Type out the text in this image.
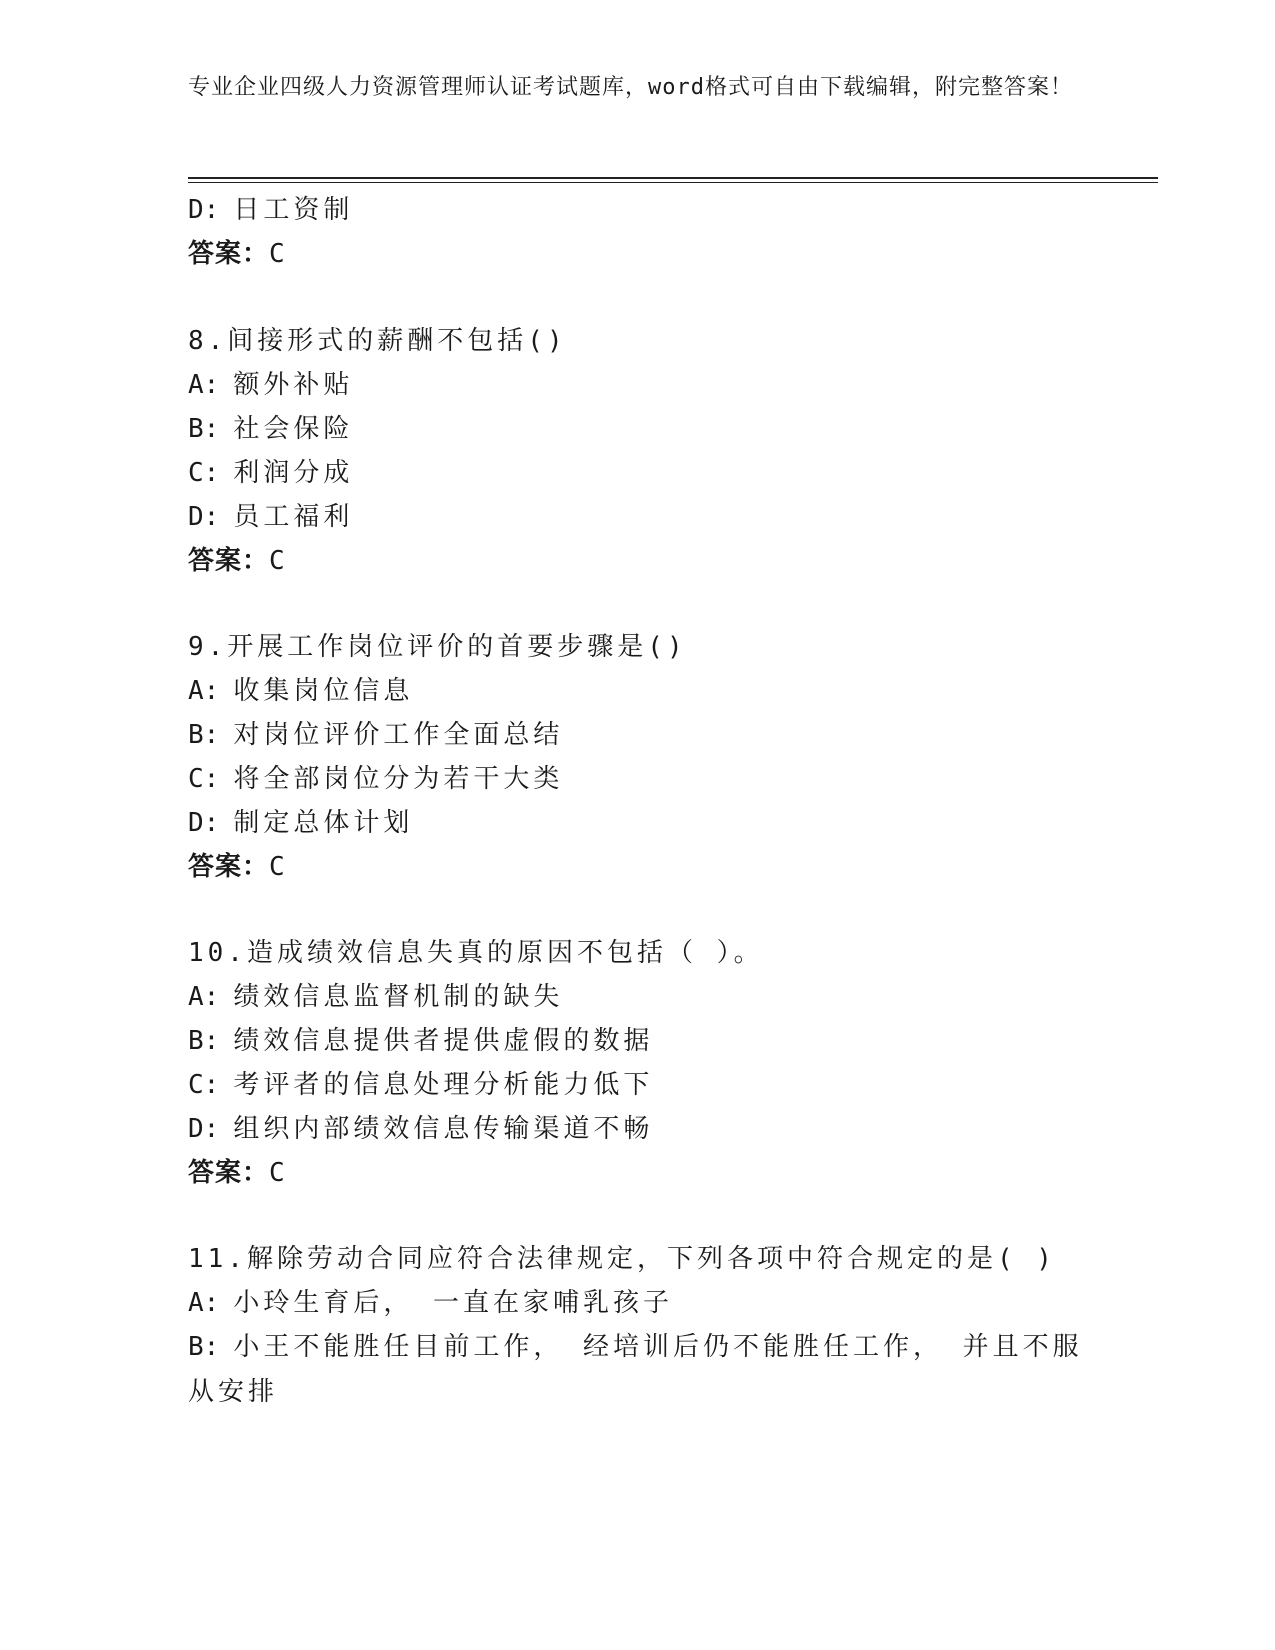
专业企业四级人力资源管理师认证考试题库，word格式可自由下载编辑，附完整答案！
D: 日工资制
答案：C
8.间接形式的薪酬不包括()
A: 额外补贴
B: 社会保险
C: 利润分成
D: 员工福利
答案：C
9.开展工作岗位评价的首要步骤是()
A: 收集岗位信息
B: 对岗位评价工作全面总结
C: 将全部岗位分为若干大类
D: 制定总体计划
答案：C
10.造成绩效信息失真的原因不包括（ ）。
A: 绩效信息监督机制的缺失
B: 绩效信息提供者提供虚假的数据
C: 考评者的信息处理分析能力低下
D: 组织内部绩效信息传输渠道不畅
答案：C
11.解除劳动合同应符合法律规定，下列各项中符合规定的是( )
A: 小玲生育后， 一直在家哺乳孩子
B: 小王不能胜任目前工作， 经培训后仍不能胜任工作， 并且不服从安排
